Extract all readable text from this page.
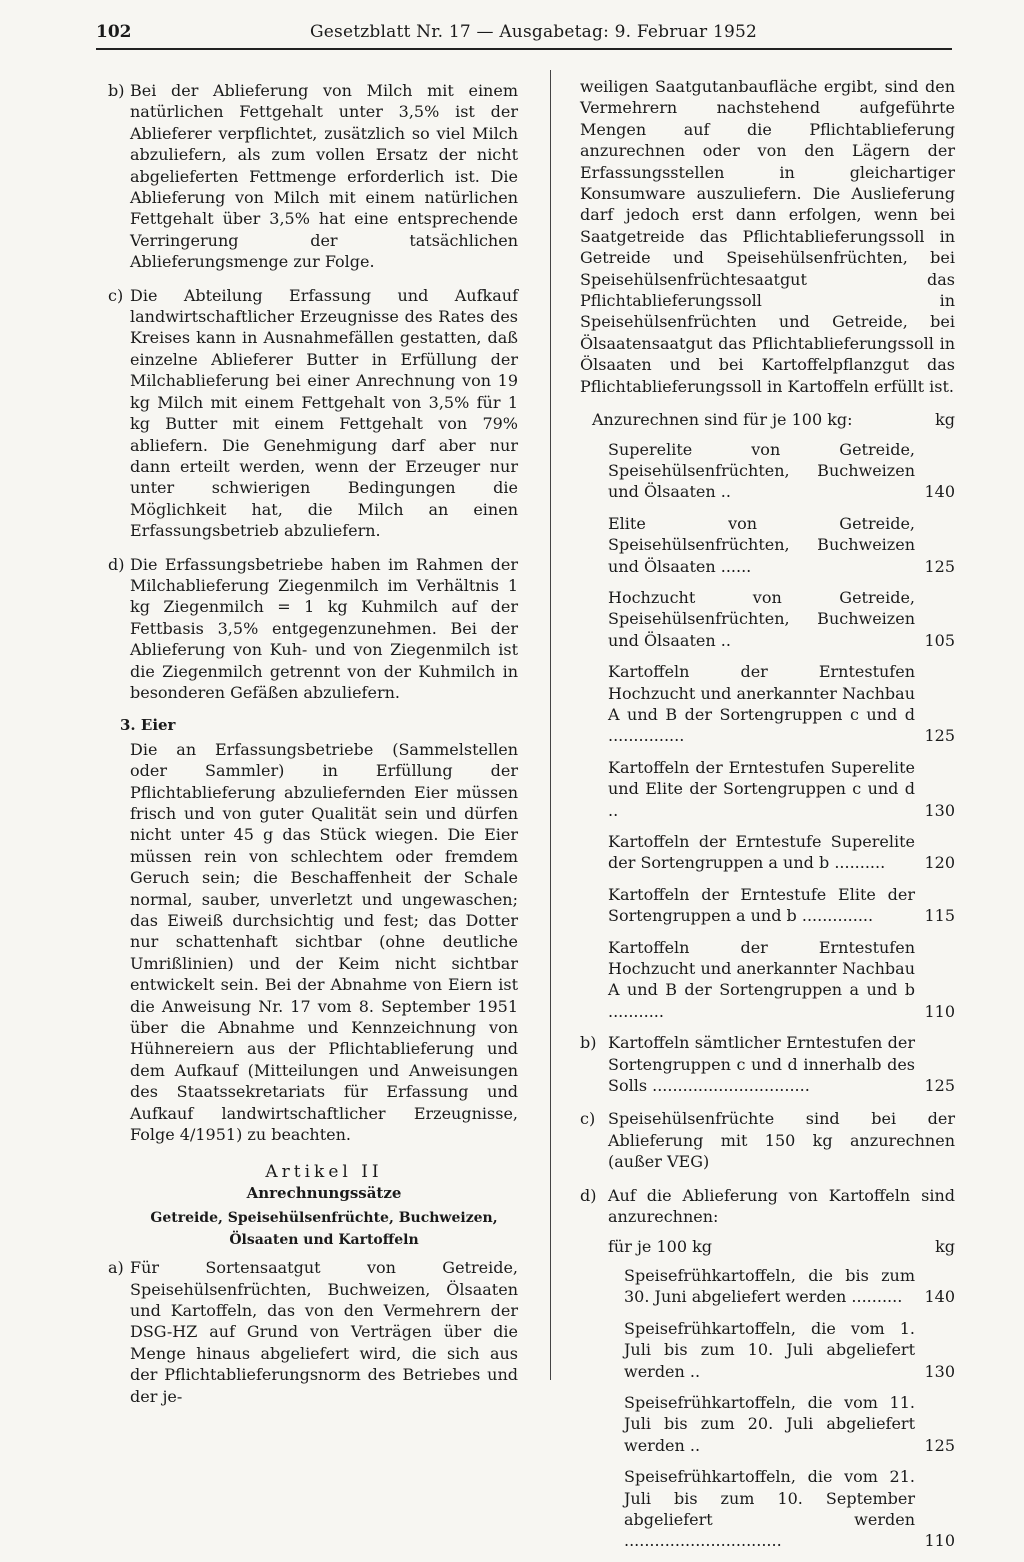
102	Gesetzblatt Nr. 17 — Ausgabetag: 9. Februar 1952
b) Bei der Ablieferung von Milch mit einem natürlichen Fettgehalt unter 3,5% ist der Ablieferer verpflichtet, zusätzlich so viel Milch abzuliefern, als zum vollen Ersatz der nicht abgelieferten Fettmenge erforderlich ist. Die Ablieferung von Milch mit einem natürlichen Fettgehalt über 3,5% hat eine entsprechende Verringerung der tatsächlichen Ablieferungsmenge zur Folge.
c) Die Abteilung Erfassung und Aufkauf landwirtschaftlicher Erzeugnisse des Rates des Kreises kann in Ausnahmefällen gestatten, daß einzelne Ablieferer Butter in Erfüllung der Milchablieferung bei einer Anrechnung von 19 kg Milch mit einem Fettgehalt von 3,5% für 1 kg Butter mit einem Fettgehalt von 79% abliefern. Die Genehmigung darf aber nur dann erteilt werden, wenn der Erzeuger nur unter schwierigen Bedingungen die Möglichkeit hat, die Milch an einen Erfassungsbetrieb abzuliefern.
d) Die Erfassungsbetriebe haben im Rahmen der Milchablieferung Ziegenmilch im Verhältnis 1 kg Ziegenmilch = 1 kg Kuhmilch auf der Fettbasis 3,5% entgegenzunehmen. Bei der Ablieferung von Kuh- und von Ziegenmilch ist die Ziegenmilch getrennt von der Kuhmilch in besonderen Gefäßen abzuliefern.
3. Eier
Die an Erfassungsbetriebe (Sammelstellen oder Sammler) in Erfüllung der Pflichtablieferung abzuliefernden Eier müssen frisch und von guter Qualität sein und dürfen nicht unter 45 g das Stück wiegen. Die Eier müssen rein von schlechtem oder fremdem Geruch sein; die Beschaffenheit der Schale normal, sauber, unverletzt und ungewaschen; das Eiweiß durchsichtig und fest; das Dotter nur schattenhaft sichtbar (ohne deutliche Umrißlinien) und der Keim nicht sichtbar entwickelt sein. Bei der Abnahme von Eiern ist die Anweisung Nr. 17 vom 8. September 1951 über die Abnahme und Kennzeichnung von Hühnereiern aus der Pflichtablieferung und dem Aufkauf (Mitteilungen und Anweisungen des Staatssekretariats für Erfassung und Aufkauf landwirtschaftlicher Erzeugnisse, Folge 4/1951) zu beachten.
Artikel II
Anrechnungssätze
Getreide, Speisehülsenfrüchte, Buchweizen, Ölsaaten und Kartoffeln
a) Für Sortensaatgut von Getreide, Speisehülsenfrüchten, Buchweizen, Ölsaaten und Kartoffeln, das von den Vermehrern der DSG-HZ auf Grund von Verträgen über die Menge hinaus abgeliefert wird, die sich aus der Pflichtablieferungsnorm des Betriebes und der je-
weiligen Saatgutanbaufläche ergibt, sind den Vermehrern nachstehend aufgeführte Mengen auf die Pflichtablieferung anzurechnen oder von den Lägern der Erfassungsstellen in gleichartiger Konsumware auszuliefern. Die Auslieferung darf jedoch erst dann erfolgen, wenn bei Saatgetreide das Pflichtablieferungssoll in Getreide und Speisehülsenfrüchten, bei Speisehülsenfrüchtesaatgut das Pflichtablieferungssoll in Speisehülsenfrüchten und Getreide, bei Ölsaatensaatgut das Pflichtablieferungssoll in Ölsaaten und bei Kartoffelpflanzgut das Pflichtablieferungssoll in Kartoffeln erfüllt ist.
Anzurechnen sind für je 100 kg:	kg
Superelite von Getreide, Speisehülsenfrüchten, Buchweizen und Ölsaaten ..	140
Elite von Getreide, Speisehülsenfrüchten, Buchweizen und Ölsaaten ......	125
Hochzucht von Getreide, Speisehülsenfrüchten, Buchweizen und Ölsaaten ..	105
Kartoffeln der Erntestufen Hochzucht und anerkannter Nachbau A und B der Sortengruppen c und d ...............	125
Kartoffeln der Erntestufen Superelite und Elite der Sortengruppen c und d ..	130
Kartoffeln der Erntestufe Superelite der Sortengruppen a und b ..........	120
Kartoffeln der Erntestufe Elite der Sortengruppen a und b ..............	115
Kartoffeln der Erntestufen Hochzucht und anerkannter Nachbau A und B der Sortengruppen a und b ...........	110
b) Kartoffeln sämtlicher Erntestufen der Sortengruppen c und d innerhalb des Solls ...............................	125
c) Speisehülsenfrüchte sind bei der Ablieferung mit 150 kg anzurechnen (außer VEG)
d) Auf die Ablieferung von Kartoffeln sind anzurechnen:
für je 100 kg	kg
Speisefrühkartoffeln, die bis zum 30. Juni abgeliefert werden ..........	140
Speisefrühkartoffeln, die vom 1. Juli bis zum 10. Juli abgeliefert werden ..	130
Speisefrühkartoffeln, die vom 11. Juli bis zum 20. Juli abgeliefert werden ..	125
Speisefrühkartoffeln, die vom 21. Juli bis zum 10. September abgeliefert werden ...............................	110
